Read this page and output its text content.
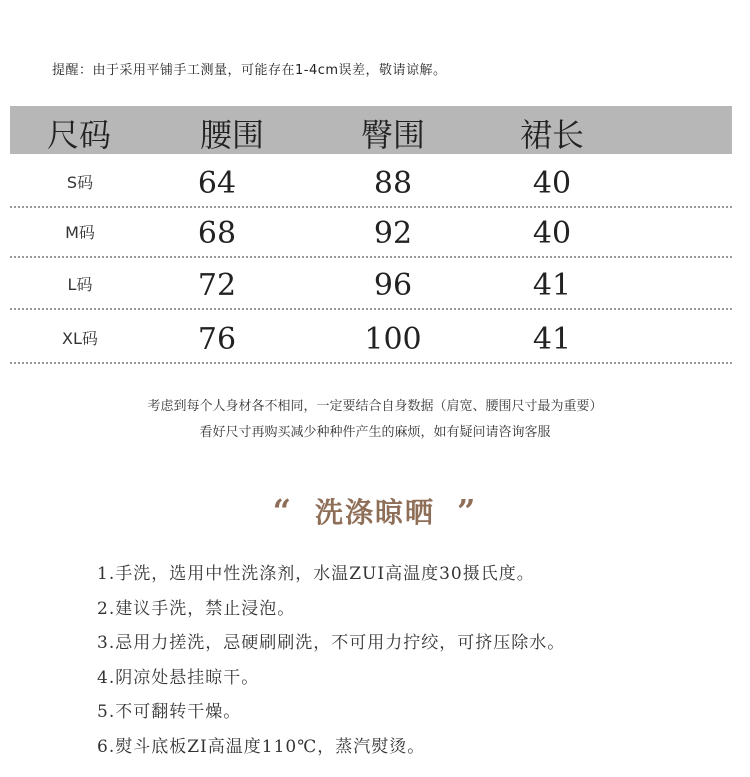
提醒：由于采用平铺手工测量，可能存在1-4cm误差，敬请谅解。
尺码	腰围	臀围	裙长
S码	64	88	40
M码	68	92	40
L码	72	96	41
XL码	76	100	41
考虑到每个人身材各不相同，一定要结合自身数据（肩宽、腰围尺寸最为重要）
看好尺寸再购买减少种种件产生的麻烦，如有疑问请咨询客服
“ 洗涤晾晒 ”
1.手洗，选用中性洗涤剂，水温ZUI高温度30摄氏度。
2.建议手洗，禁止浸泡。
3.忌用力搓洗，忌硬刷刷洗，不可用力拧绞，可挤压除水。
4.阴凉处悬挂晾干。
5.不可翻转干燥。
6.熨斗底板ZI高温度110℃，蒸汽熨烫。
